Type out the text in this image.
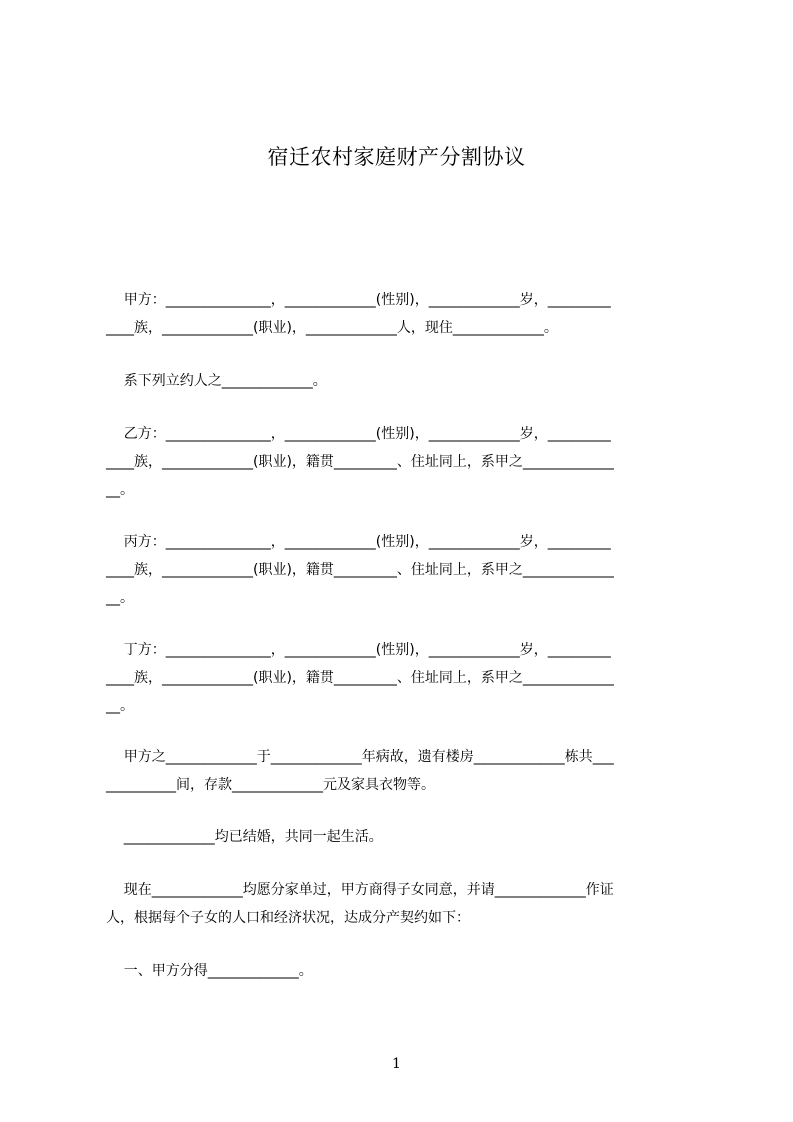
宿迁农村家庭财产分割协议
甲方：_______________，_____________(性别)，_____________岁，_________
____族，_____________(职业)，_____________人，现住_____________。
系下列立约人之_____________。
乙方：_______________，_____________(性别)，_____________岁，_________
____族，_____________(职业)，籍贯_________、住址同上，系甲之_____________
__。
丙方：_______________，_____________(性别)，_____________岁，_________
____族，_____________(职业)，籍贯_________、住址同上，系甲之_____________
__。
丁方：_______________，_____________(性别)，_____________岁，_________
____族，_____________(职业)，籍贯_________、住址同上，系甲之_____________
__。
甲方之_____________于_____________年病故，遗有楼房_____________栋共___
__________间，存款_____________元及家具衣物等。
_____________均已结婚，共同一起生活。
现在_____________均愿分家单过，甲方商得子女同意，并请_____________作证
人，根据每个子女的人口和经济状况，达成分产契约如下：
一、甲方分得_____________。
1
